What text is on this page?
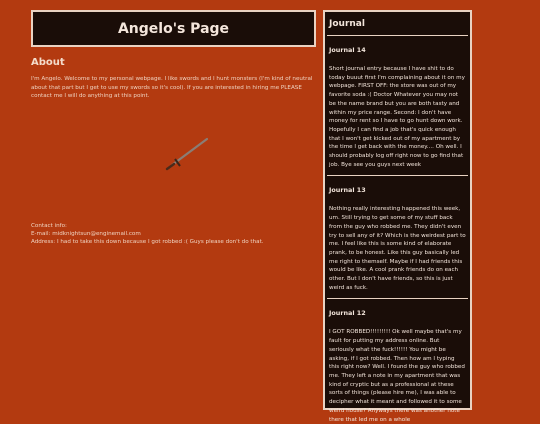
Angelo's Page
About
I'm Angelo. Welcome to my personal webpage. I like swords and I hunt monsters (I'm kind of neutral about that part but I get to use my swords so it's cool). If you are interested in hiring me PLEASE contact me I will do anything at this point.
Contact info:
E-mail: midknightsun@enginemail.com
Address: I had to take this down because I got robbed :( Guys please don't do that.
Journal
Journal 14
Short journal entry because I have shit to do today buuut first I'm complaining about it on my webpage. FIRST OFF: the store was out of my favorite soda :( Doctor Whatever you may not be the name brand but you are both tasty and within my price range. Second: I don't have money for rent so I have to go hunt down work. Hopefully I can find a job that's quick enough that I won't get kicked out of my apartment by the time I get back with the money.... Oh well. I should probably log off right now to go find that job. Bye see you guys next week
Journal 13
Nothing really interesting happened this week, um. Still trying to get some of my stuff back from the guy who robbed me. They didn't even try to sell any of it? Which is the weirdest part to me. I feel like this is some kind of elaborate prank, to be honest. Like this guy basically led me right to themself. Maybe if I had friends this would be like. A cool prank friends do on each other. But I don't have friends, so this is just weird as fuck.
Journal 12
I GOT ROBBED!!!!!!!!! Ok well maybe that's my fault for putting my address online. But seriously what the fuck!!!!!! You might be asking, if I got robbed. Then how am I typing this right now? Well. I found the guy who robbed me. They left a note in my apartment that was kind of cryptic but as a professional at these sorts of things (please hire me), I was able to decipher what it meant and followed it to some weird house? Anyways there was another note there that led me on a whole
